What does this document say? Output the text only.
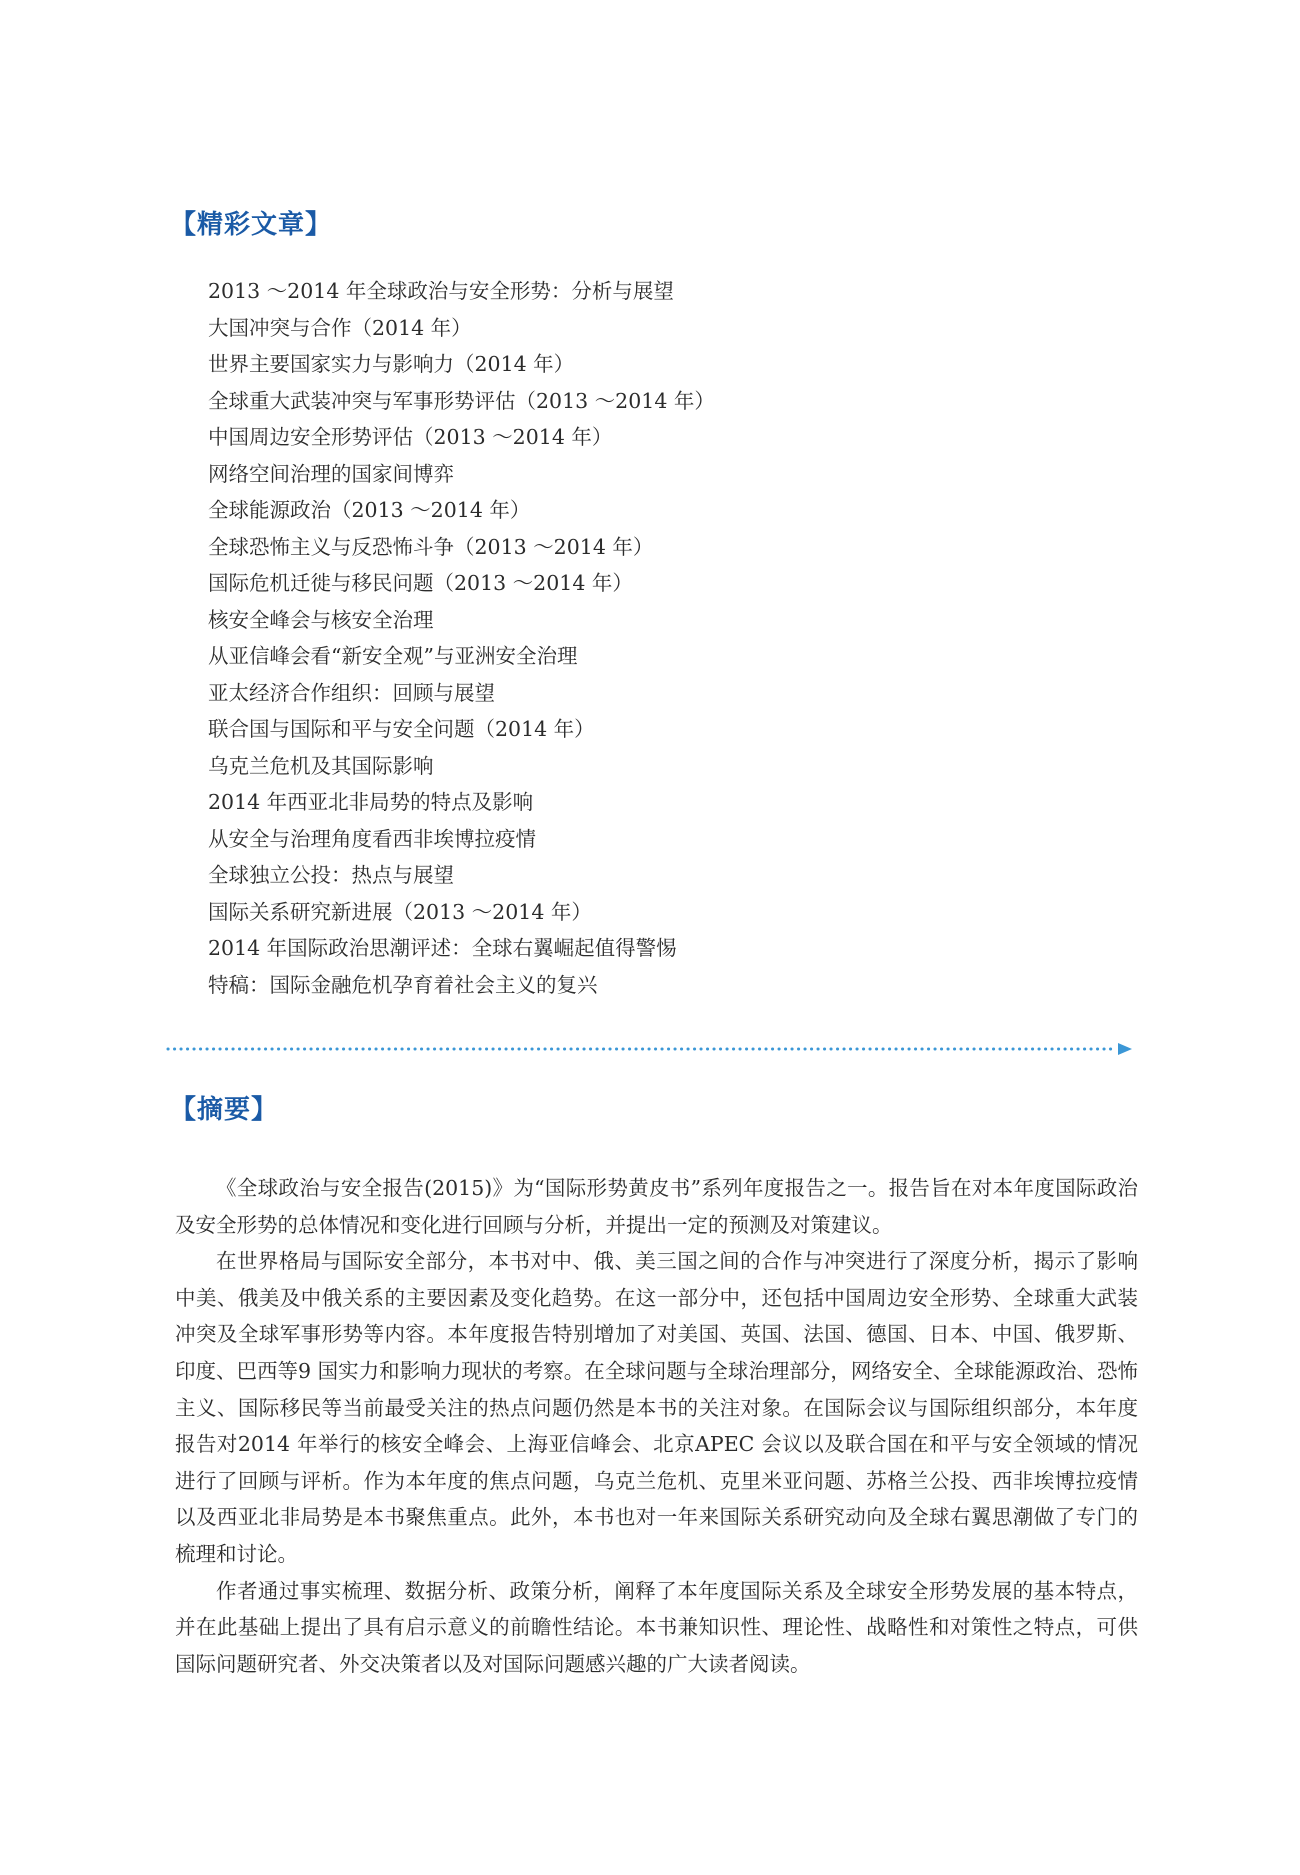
【精彩文章】
2013 ～2014 年全球政治与安全形势：分析与展望
大国冲突与合作（2014 年）
世界主要国家实力与影响力（2014 年）
全球重大武装冲突与军事形势评估（2013 ～2014 年）
中国周边安全形势评估（2013 ～2014 年）
网络空间治理的国家间博弈
全球能源政治（2013 ～2014 年）
全球恐怖主义与反恐怖斗争（2013 ～2014 年）
国际危机迁徙与移民问题（2013 ～2014 年）
核安全峰会与核安全治理
从亚信峰会看“新安全观”与亚洲安全治理
亚太经济合作组织：回顾与展望
联合国与国际和平与安全问题（2014 年）
乌克兰危机及其国际影响
2014 年西亚北非局势的特点及影响
从安全与治理角度看西非埃博拉疫情
全球独立公投：热点与展望
国际关系研究新进展（2013 ～2014 年）
2014 年国际政治思潮评述：全球右翼崛起值得警惕
特稿：国际金融危机孕育着社会主义的复兴
【摘要】

《全球政治与安全报告(2015)》为“国际形势黄皮书”系列年度报告之一。报告旨在对本年度国际政治及安全形势的总体情况和变化进行回顾与分析，并提出一定的预测及对策建议。

在世界格局与国际安全部分，本书对中、俄、美三国之间的合作与冲突进行了深度分析，揭示了影响中美、俄美及中俄关系的主要因素及变化趋势。在这一部分中，还包括中国周边安全形势、全球重大武装冲突及全球军事形势等内容。本年度报告特别增加了对美国、英国、法国、德国、日本、中国、俄罗斯、印度、巴西等9 国实力和影响力现状的考察。在全球问题与全球治理部分，网络安全、全球能源政治、恐怖主义、国际移民等当前最受关注的热点问题仍然是本书的关注对象。在国际会议与国际组织部分，本年度报告对2014 年举行的核安全峰会、上海亚信峰会、北京APEC 会议以及联合国在和平与安全领域的情况进行了回顾与评析。作为本年度的焦点问题，乌克兰危机、克里米亚问题、苏格兰公投、西非埃博拉疫情以及西亚北非局势是本书聚焦重点。此外，本书也对一年来国际关系研究动向及全球右翼思潮做了专门的梳理和讨论。

作者通过事实梳理、数据分析、政策分析，阐释了本年度国际关系及全球安全形势发展的基本特点，并在此基础上提出了具有启示意义的前瞻性结论。本书兼知识性、理论性、战略性和对策性之特点，可供国际问题研究者、外交决策者以及对国际问题感兴趣的广大读者阅读。
